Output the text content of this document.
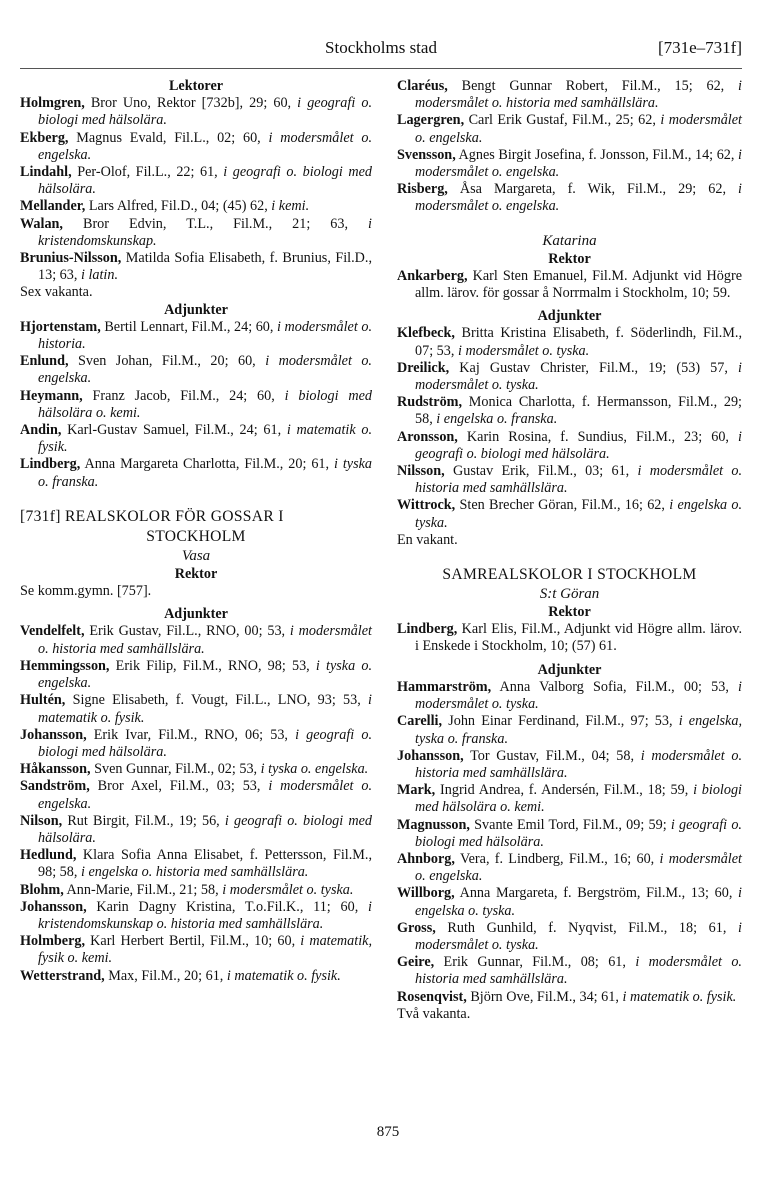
Stockholms stad	[731e–731f]
Lektorer
Holmgren, Bror Uno, Rektor [732b], 29; 60, i geografi o. biologi med hälsolära.
Ekberg, Magnus Evald, Fil.L., 02; 60, i modersmålet o. engelska.
Lindahl, Per-Olof, Fil.L., 22; 61, i geografi o. biologi med hälsolära.
Mellander, Lars Alfred, Fil.D., 04; (45) 62, i kemi.
Walan, Bror Edvin, T.L., Fil.M., 21; 63, i kristendomskunskap.
Brunius-Nilsson, Matilda Sofia Elisabeth, f. Brunius, Fil.D., 13; 63, i latin.
Sex vakanta.
Adjunkter
Hjortenstam, Bertil Lennart, Fil.M., 24; 60, i modersmålet o. historia.
Enlund, Sven Johan, Fil.M., 20; 60, i modersmålet o. engelska.
Heymann, Franz Jacob, Fil.M., 24; 60, i biologi med hälsolära o. kemi.
Andin, Karl-Gustav Samuel, Fil.M., 24; 61, i matematik o. fysik.
Lindberg, Anna Margareta Charlotta, Fil.M., 20; 61, i tyska o. franska.
[731f] REALSKOLOR FÖR GOSSAR I
STOCKHOLM
Vasa
Rektor
Se komm.gymn. [757].
Adjunkter
Vendelfelt, Erik Gustav, Fil.L., RNO, 00; 53, i modersmålet o. historia med samhällslära.
Hemmingsson, Erik Filip, Fil.M., RNO, 98; 53, i tyska o. engelska.
Hultén, Signe Elisabeth, f. Vougt, Fil.L., LNO, 93; 53, i matematik o. fysik.
Johansson, Erik Ivar, Fil.M., RNO, 06; 53, i geografi o. biologi med hälsolära.
Håkansson, Sven Gunnar, Fil.M., 02; 53, i tyska o. engelska.
Sandström, Bror Axel, Fil.M., 03; 53, i modersmålet o. engelska.
Nilson, Rut Birgit, Fil.M., 19; 56, i geografi o. biologi med hälsolära.
Hedlund, Klara Sofia Anna Elisabet, f. Pettersson, Fil.M., 98; 58, i engelska o. historia med samhällslära.
Blohm, Ann-Marie, Fil.M., 21; 58, i modersmålet o. tyska.
Johansson, Karin Dagny Kristina, T.o.Fil.K., 11; 60, i kristendomskunskap o. historia med samhällslära.
Holmberg, Karl Herbert Bertil, Fil.M., 10; 60, i matematik, fysik o. kemi.
Wetterstrand, Max, Fil.M., 20; 61, i matematik o. fysik.
Claréus, Bengt Gunnar Robert, Fil.M., 15; 62, i modersmålet o. historia med samhällslära.
Lagergren, Carl Erik Gustaf, Fil.M., 25; 62, i modersmålet o. engelska.
Svensson, Agnes Birgit Josefina, f. Jonsson, Fil.M., 14; 62, i modersmålet o. engelska.
Risberg, Åsa Margareta, f. Wik, Fil.M., 29; 62, i modersmålet o. engelska.
Katarina
Rektor
Ankarberg, Karl Sten Emanuel, Fil.M. Adjunkt vid Högre allm. lärov. för gossar å Norrmalm i Stockholm, 10; 59.
Adjunkter
Klefbeck, Britta Kristina Elisabeth, f. Söderlindh, Fil.M., 07; 53, i modersmålet o. tyska.
Dreilick, Kaj Gustav Christer, Fil.M., 19; (53) 57, i modersmålet o. tyska.
Rudström, Monica Charlotta, f. Hermansson, Fil.M., 29; 58, i engelska o. franska.
Aronsson, Karin Rosina, f. Sundius, Fil.M., 23; 60, i geografi o. biologi med hälsolära.
Nilsson, Gustav Erik, Fil.M., 03; 61, i modersmålet o. historia med samhällslära.
Wittrock, Sten Brecher Göran, Fil.M., 16; 62, i engelska o. tyska.
En vakant.
SAMREALSKOLOR I STOCKHOLM
S:t Göran
Rektor
Lindberg, Karl Elis, Fil.M., Adjunkt vid Högre allm. lärov. i Enskede i Stockholm, 10; (57) 61.
Adjunkter
Hammarström, Anna Valborg Sofia, Fil.M., 00; 53, i modersmålet o. tyska.
Carelli, John Einar Ferdinand, Fil.M., 97; 53, i engelska, tyska o. franska.
Johansson, Tor Gustav, Fil.M., 04; 58, i modersmålet o. historia med samhällslära.
Mark, Ingrid Andrea, f. Andersén, Fil.M., 18; 59, i biologi med hälsolära o. kemi.
Magnusson, Svante Emil Tord, Fil.M., 09; 59; i geografi o. biologi med hälsolära.
Ahnborg, Vera, f. Lindberg, Fil.M., 16; 60, i modersmålet o. engelska.
Willborg, Anna Margareta, f. Bergström, Fil.M., 13; 60, i engelska o. tyska.
Gross, Ruth Gunhild, f. Nyqvist, Fil.M., 18; 61, i modersmålet o. tyska.
Geire, Erik Gunnar, Fil.M., 08; 61, i modersmålet o. historia med samhällslära.
Rosenqvist, Björn Ove, Fil.M., 34; 61, i matematik o. fysik.
Två vakanta.
875
